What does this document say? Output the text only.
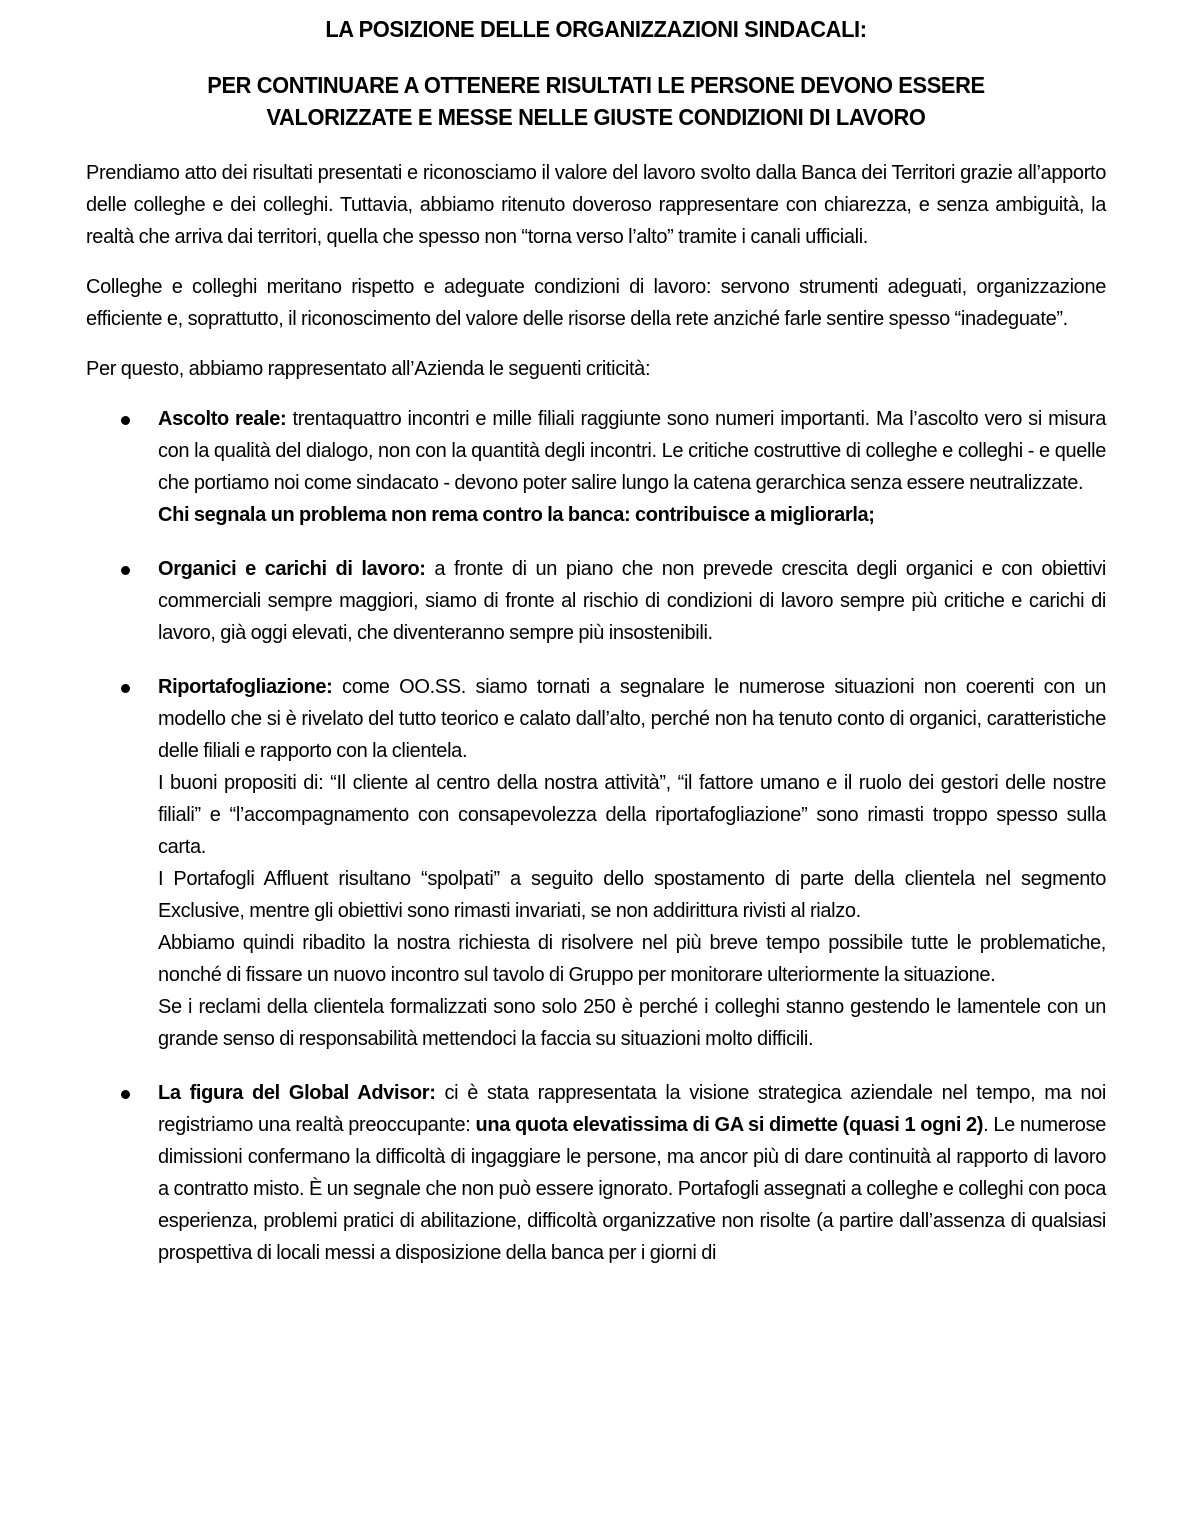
LA POSIZIONE DELLE ORGANIZZAZIONI SINDACALI:
PER CONTINUARE A OTTENERE RISULTATI LE PERSONE DEVONO ESSERE
VALORIZZATE E MESSE NELLE GIUSTE CONDIZIONI DI LAVORO

Prendiamo atto dei risultati presentati e riconosciamo il valore del lavoro svolto dalla Banca dei Territori grazie all’apporto delle colleghe e dei colleghi. Tuttavia, abbiamo ritenuto doveroso rappresentare con chiarezza, e senza ambiguità, la realtà che arriva dai territori, quella che spesso non “torna verso l’alto” tramite i canali ufficiali.

Colleghe e colleghi meritano rispetto e adeguate condizioni di lavoro: servono strumenti adeguati, organizzazione efficiente e, soprattutto, il riconoscimento del valore delle risorse della rete anziché farle sentire spesso “inadeguate”.

Per questo, abbiamo rappresentato all’Azienda le seguenti criticità:

Ascolto reale: trentaquattro incontri e mille filiali raggiunte sono numeri importanti. Ma l’ascolto vero si misura con la qualità del dialogo, non con la quantità degli incontri. Le critiche costruttive di colleghe e colleghi - e quelle che portiamo noi come sindacato - devono poter salire lungo la catena gerarchica senza essere neutralizzate.
Chi segnala un problema non rema contro la banca: contribuisce a migliorarla;
Organici e carichi di lavoro: a fronte di un piano che non prevede crescita degli organici e con obiettivi commerciali sempre maggiori, siamo di fronte al rischio di condizioni di lavoro sempre più critiche e carichi di lavoro, già oggi elevati, che diventeranno sempre più insostenibili.
Riportafogliazione: come OO.SS. siamo tornati a segnalare le numerose situazioni non coerenti con un modello che si è rivelato del tutto teorico e calato dall’alto, perché non ha tenuto conto di organici, caratteristiche delle filiali e rapporto con la clientela.
I buoni propositi di: “Il cliente al centro della nostra attività”, “il fattore umano e il ruolo dei gestori delle nostre filiali” e “l’accompagnamento con consapevolezza della riportafogliazione” sono rimasti troppo spesso sulla carta.
I Portafogli Affluent risultano “spolpati” a seguito dello spostamento di parte della clientela nel segmento Exclusive, mentre gli obiettivi sono rimasti invariati, se non addirittura rivisti al rialzo.
Abbiamo quindi ribadito la nostra richiesta di risolvere nel più breve tempo possibile tutte le problematiche, nonché di fissare un nuovo incontro sul tavolo di Gruppo per monitorare ulteriormente la situazione.
Se i reclami della clientela formalizzati sono solo 250 è perché i colleghi stanno gestendo le lamentele con un grande senso di responsabilità mettendoci la faccia su situazioni molto difficili.
La figura del Global Advisor: ci è stata rappresentata la visione strategica aziendale nel tempo, ma noi registriamo una realtà preoccupante: una quota elevatissima di GA si dimette (quasi 1 ogni 2). Le numerose dimissioni confermano la difficoltà di ingaggiare le persone, ma ancor più di dare continuità al rapporto di lavoro a contratto misto. È un segnale che non può essere ignorato. Portafogli assegnati a colleghe e colleghi con poca esperienza, problemi pratici di abilitazione, difficoltà organizzative non risolte (a partire dall’assenza di qualsiasi prospettiva di locali messi a disposizione della banca per i giorni di
